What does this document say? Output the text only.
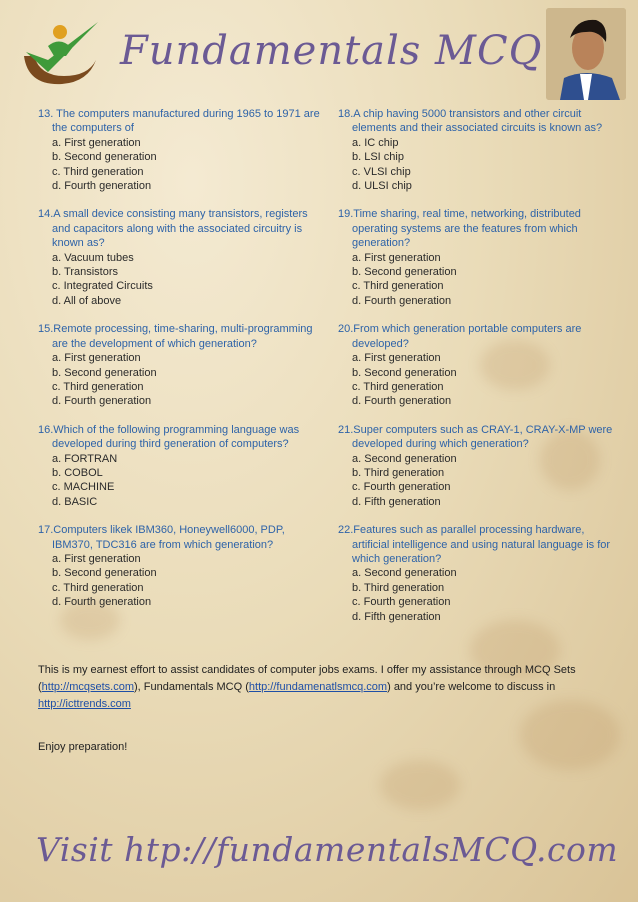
Fundamentals MCQ
13. The computers manufactured during 1965 to 1971 are the computers of
a. First generation
b. Second generation
c. Third generation
d. Fourth generation
14.A small device consisting many transistors, registers and capacitors along with the associated circuitry is known as?
a. Vacuum tubes
b. Transistors
c. Integrated Circuits
d. All of above
15.Remote processing, time-sharing, multi-programming are the development of which generation?
a. First generation
b. Second generation
c. Third generation
d. Fourth generation
16.Which of the following programming language was developed during third generation of computers?
a. FORTRAN
b. COBOL
c. MACHINE
d. BASIC
17.Computers likek IBM360, Honeywell6000, PDP, IBM370, TDC316 are from which generation?
a. First generation
b. Second generation
c. Third generation
d. Fourth generation
18.A chip having 5000 transistors and other circuit elements and their associated circuits is known as?
a. IC chip
b. LSI chip
c. VLSI chip
d. ULSI chip
19.Time sharing, real time, networking, distributed operating systems are the features from which generation?
a. First generation
b. Second generation
c. Third generation
d. Fourth generation
20.From which generation portable computers are developed?
a. First generation
b. Second generation
c. Third generation
d. Fourth generation
21.Super computers such as CRAY-1, CRAY-X-MP were developed during which generation?
a. Second generation
b. Third generation
c. Fourth generation
d. Fifth generation
22.Features such as parallel processing hardware, artificial intelligence and using natural language is for which generation?
a. Second generation
b. Third generation
c. Fourth generation
d. Fifth generation
This is my earnest effort to assist candidates of computer jobs exams. I offer my assistance through MCQ Sets (http://mcqsets.com), Fundamentals MCQ (http://fundamenatlsmcq.com) and you’re welcome to discuss in http://icttrends.com
Enjoy preparation!
Visit htp://fundamentalsMCQ.com
